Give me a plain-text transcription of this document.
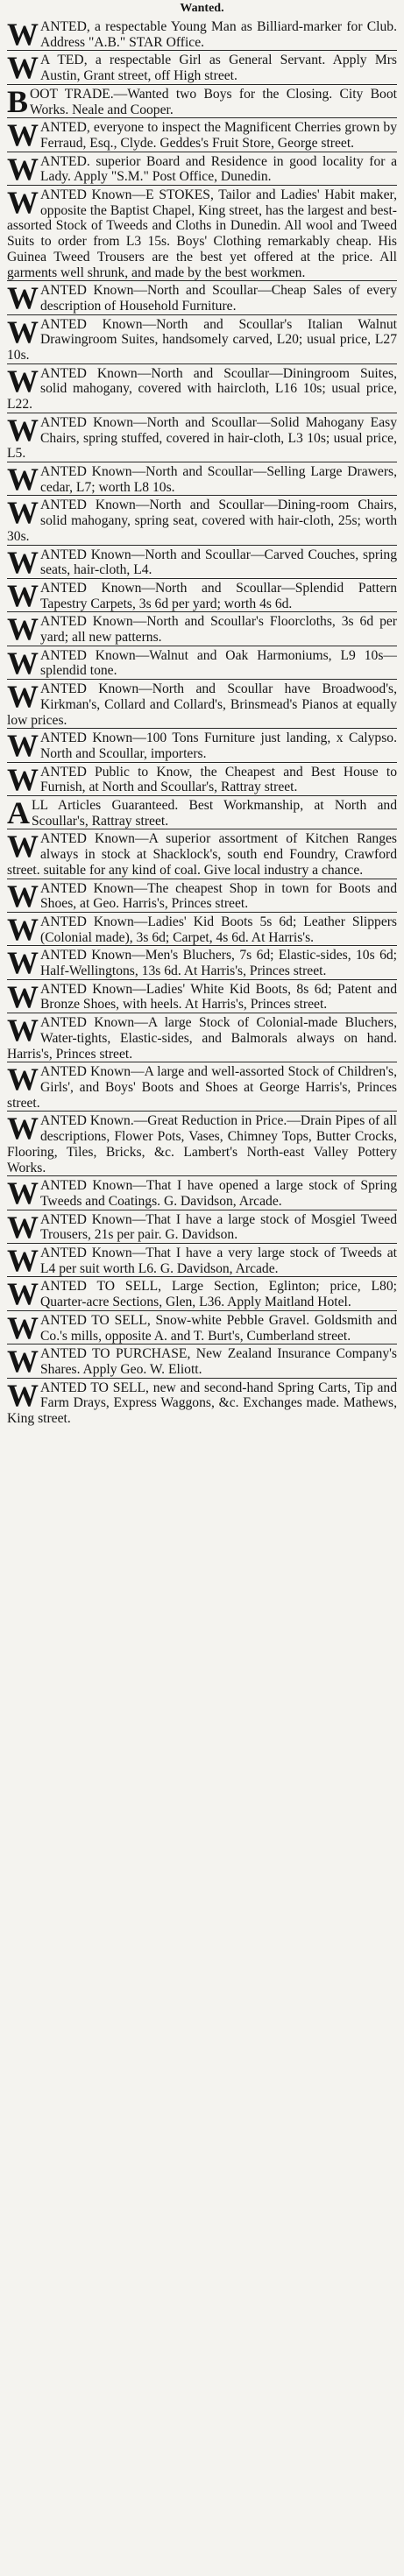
Wanted.
WANTED, a respectable Young Man as Billiard-marker for Club. Address "A.B." STAR Office.
W A TED, a respectable Girl as General Servant. Apply Mrs Austin, Grant street, off High street.
BOOT TRADE.—Wanted two Boys for the Closing. City Boot Works. Neale and Cooper.
WANTED, everyone to inspect the Magnificent Cherries grown by Ferraud, Esq., Clyde. Geddes's Fruit Store, George street.
WANTED. superior Board and Residence in good locality for a Lady. Apply "S.M." Post Office, Dunedin.
WANTED Known—E STOKES, Tailor and Ladies' Habit maker, opposite the Baptist Chapel, King street, has the largest and best-assorted Stock of Tweeds and Cloths in Dunedin. All wool and Tweed Suits to order from L3 15s. Boys' Clothing remarkably cheap. His Guinea Tweed Trousers are the best yet offered at the price. All garments well shrunk, and made by the best workmen.
WANTED Known—North and Scoullar—Cheap Sales of every description of Household Furniture.
WANTED Known—North and Scoullar's Italian Walnut Drawingroom Suites, handsomely carved, L20; usual price, L27 10s.
WANTED Known—North and Scoullar—Diningroom Suites, solid mahogany, covered with haircloth, L16 10s; usual price, L22.
WANTED Known—North and Scoullar—Solid Mahogany Easy Chairs, spring stuffed, covered in hair-cloth, L3 10s; usual price, L5.
WANTED Known—North and Scoullar—Selling Large Drawers, cedar, L7; worth L8 10s.
WANTED Known—North and Scoullar—Dining-room Chairs, solid mahogany, spring seat, covered with hair-cloth, 25s; worth 30s.
WANTED Known—North and Scoullar—Carved Couches, spring seats, hair-cloth, L4.
WANTED Known—North and Scoullar—Splendid Pattern Tapestry Carpets, 3s 6d per yard; worth 4s 6d.
WANTED Known—North and Scoullar's Floorcloths, 3s 6d per yard; all new patterns.
WANTED Known—Walnut and Oak Harmoniums, L9 10s—splendid tone.
WANTED Known—North and Scoullar have Broadwood's, Kirkman's, Collard and Collard's, Brinsmead's Pianos at equally low prices.
WANTED Known—100 Tons Furniture just landing, x Calypso. North and Scoullar, importers.
WANTED Public to Know, the Cheapest and Best House to Furnish, at North and Scoullar's, Rattray street.
ALL Articles Guaranteed. Best Workmanship, at North and Scoullar's, Rattray street.
WANTED Known—A superior assortment of Kitchen Ranges always in stock at Shacklock's, south end Foundry, Crawford street. suitable for any kind of coal. Give local industry a chance.
WANTED Known—The cheapest Shop in town for Boots and Shoes, at Geo. Harris's, Princes street.
WANTED Known—Ladies' Kid Boots 5s 6d; Leather Slippers (Colonial made), 3s 6d; Carpet, 4s 6d. At Harris's.
WANTED Known—Men's Bluchers, 7s 6d; Elastic-sides, 10s 6d; Half-Wellingtons, 13s 6d. At Harris's, Princes street.
WANTED Known—Ladies' White Kid Boots, 8s 6d; Patent and Bronze Shoes, with heels. At Harris's, Princes street.
WANTED Known—A large Stock of Colonial-made Bluchers, Water-tights, Elastic-sides, and Balmorals always on hand. Harris's, Princes street.
WANTED Known—A large and well-assorted Stock of Children's, Girls', and Boys' Boots and Shoes at George Harris's, Princes street.
WANTED Known.—Great Reduction in Price.—Drain Pipes of all descriptions, Flower Pots, Vases, Chimney Tops, Butter Crocks, Flooring, Tiles, Bricks, &c. Lambert's North-east Valley Pottery Works.
WANTED Known—That I have opened a large stock of Spring Tweeds and Coatings. G. Davidson, Arcade.
WANTED Known—That I have a large stock of Mosgiel Tweed Trousers, 21s per pair. G. Davidson.
WANTED Known—That I have a very large stock of Tweeds at L4 per suit worth L6. G. Davidson, Arcade.
WANTED TO SELL, Large Section, Eglinton; price, L80; Quarter-acre Sections, Glen, L36. Apply Maitland Hotel.
WANTED TO SELL, Snow-white Pebble Gravel. Goldsmith and Co.'s mills, opposite A. and T. Burt's, Cumberland street.
WANTED TO PURCHASE, New Zealand Insurance Company's Shares. Apply Geo. W. Eliott.
WANTED TO SELL, new and second-hand Spring Carts, Tip and Farm Drays, Express Waggons, &c. Exchanges made. Mathews, King street.
